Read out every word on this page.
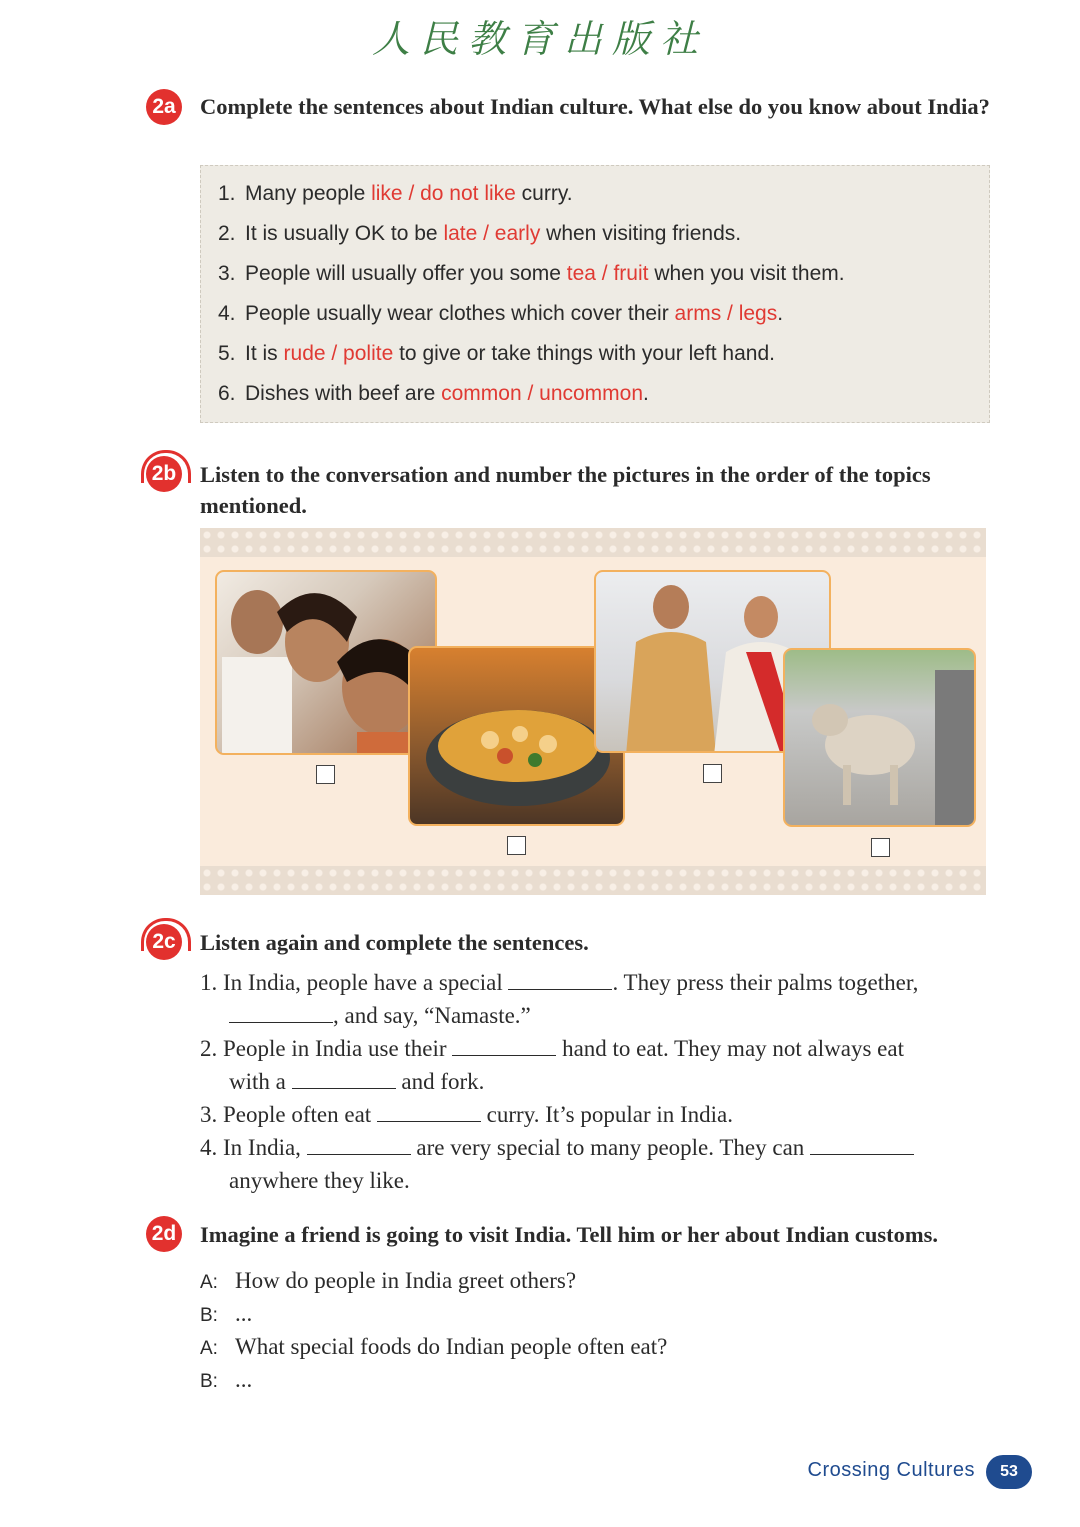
人民教育出版社
2a Complete the sentences about Indian culture. What else do you know about India?
1. Many people like / do not like curry.
2. It is usually OK to be late / early when visiting friends.
3. People will usually offer you some tea / fruit when you visit them.
4. People usually wear clothes which cover their arms / legs.
5. It is rude / polite to give or take things with your left hand.
6. Dishes with beef are common / uncommon.
2b Listen to the conversation and number the pictures in the order of the topics mentioned.
2c Listen again and complete the sentences.
1. In India, people have a special	. They press their palms together,
, and say, “Namaste.”
2. People in India use their	hand to eat. They may not always eat
with a	and fork.
3. People often eat	curry. It’s popular in India.
4. In India,	are very special to many people. They can
anywhere they like.
2d Imagine a friend is going to visit India. Tell him or her about Indian customs.
A: How do people in India greet others?
B: ...
A: What special foods do Indian people often eat?
B: ...
Crossing Cultures	53
